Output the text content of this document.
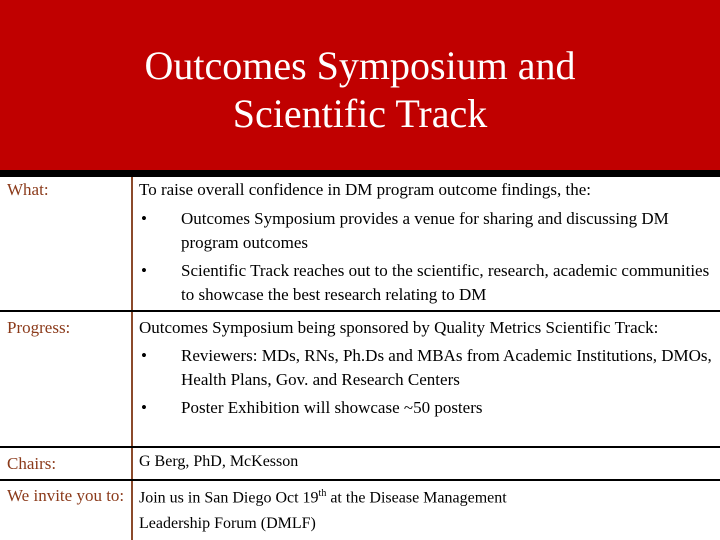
Outcomes Symposium and
Scientific Track
What:	To raise overall confidence in DM program outcome findings, the:
• Outcomes Symposium provides a venue for sharing and discussing DM program outcomes
• Scientific Track reaches out to the scientific, research, academic communities to showcase the best research relating to DM
Progress:	Outcomes Symposium being sponsored by Quality Metrics Scientific Track:
• Reviewers: MDs, RNs, Ph.Ds and MBAs from Academic Institutions, DMOs, Health Plans, Gov. and Research Centers
• Poster Exhibition will showcase ~50 posters
Chairs:	G Berg, PhD, McKesson
We invite you to: Join us in San Diego Oct 19th at the Disease Management Leadership Forum (DMLF)
